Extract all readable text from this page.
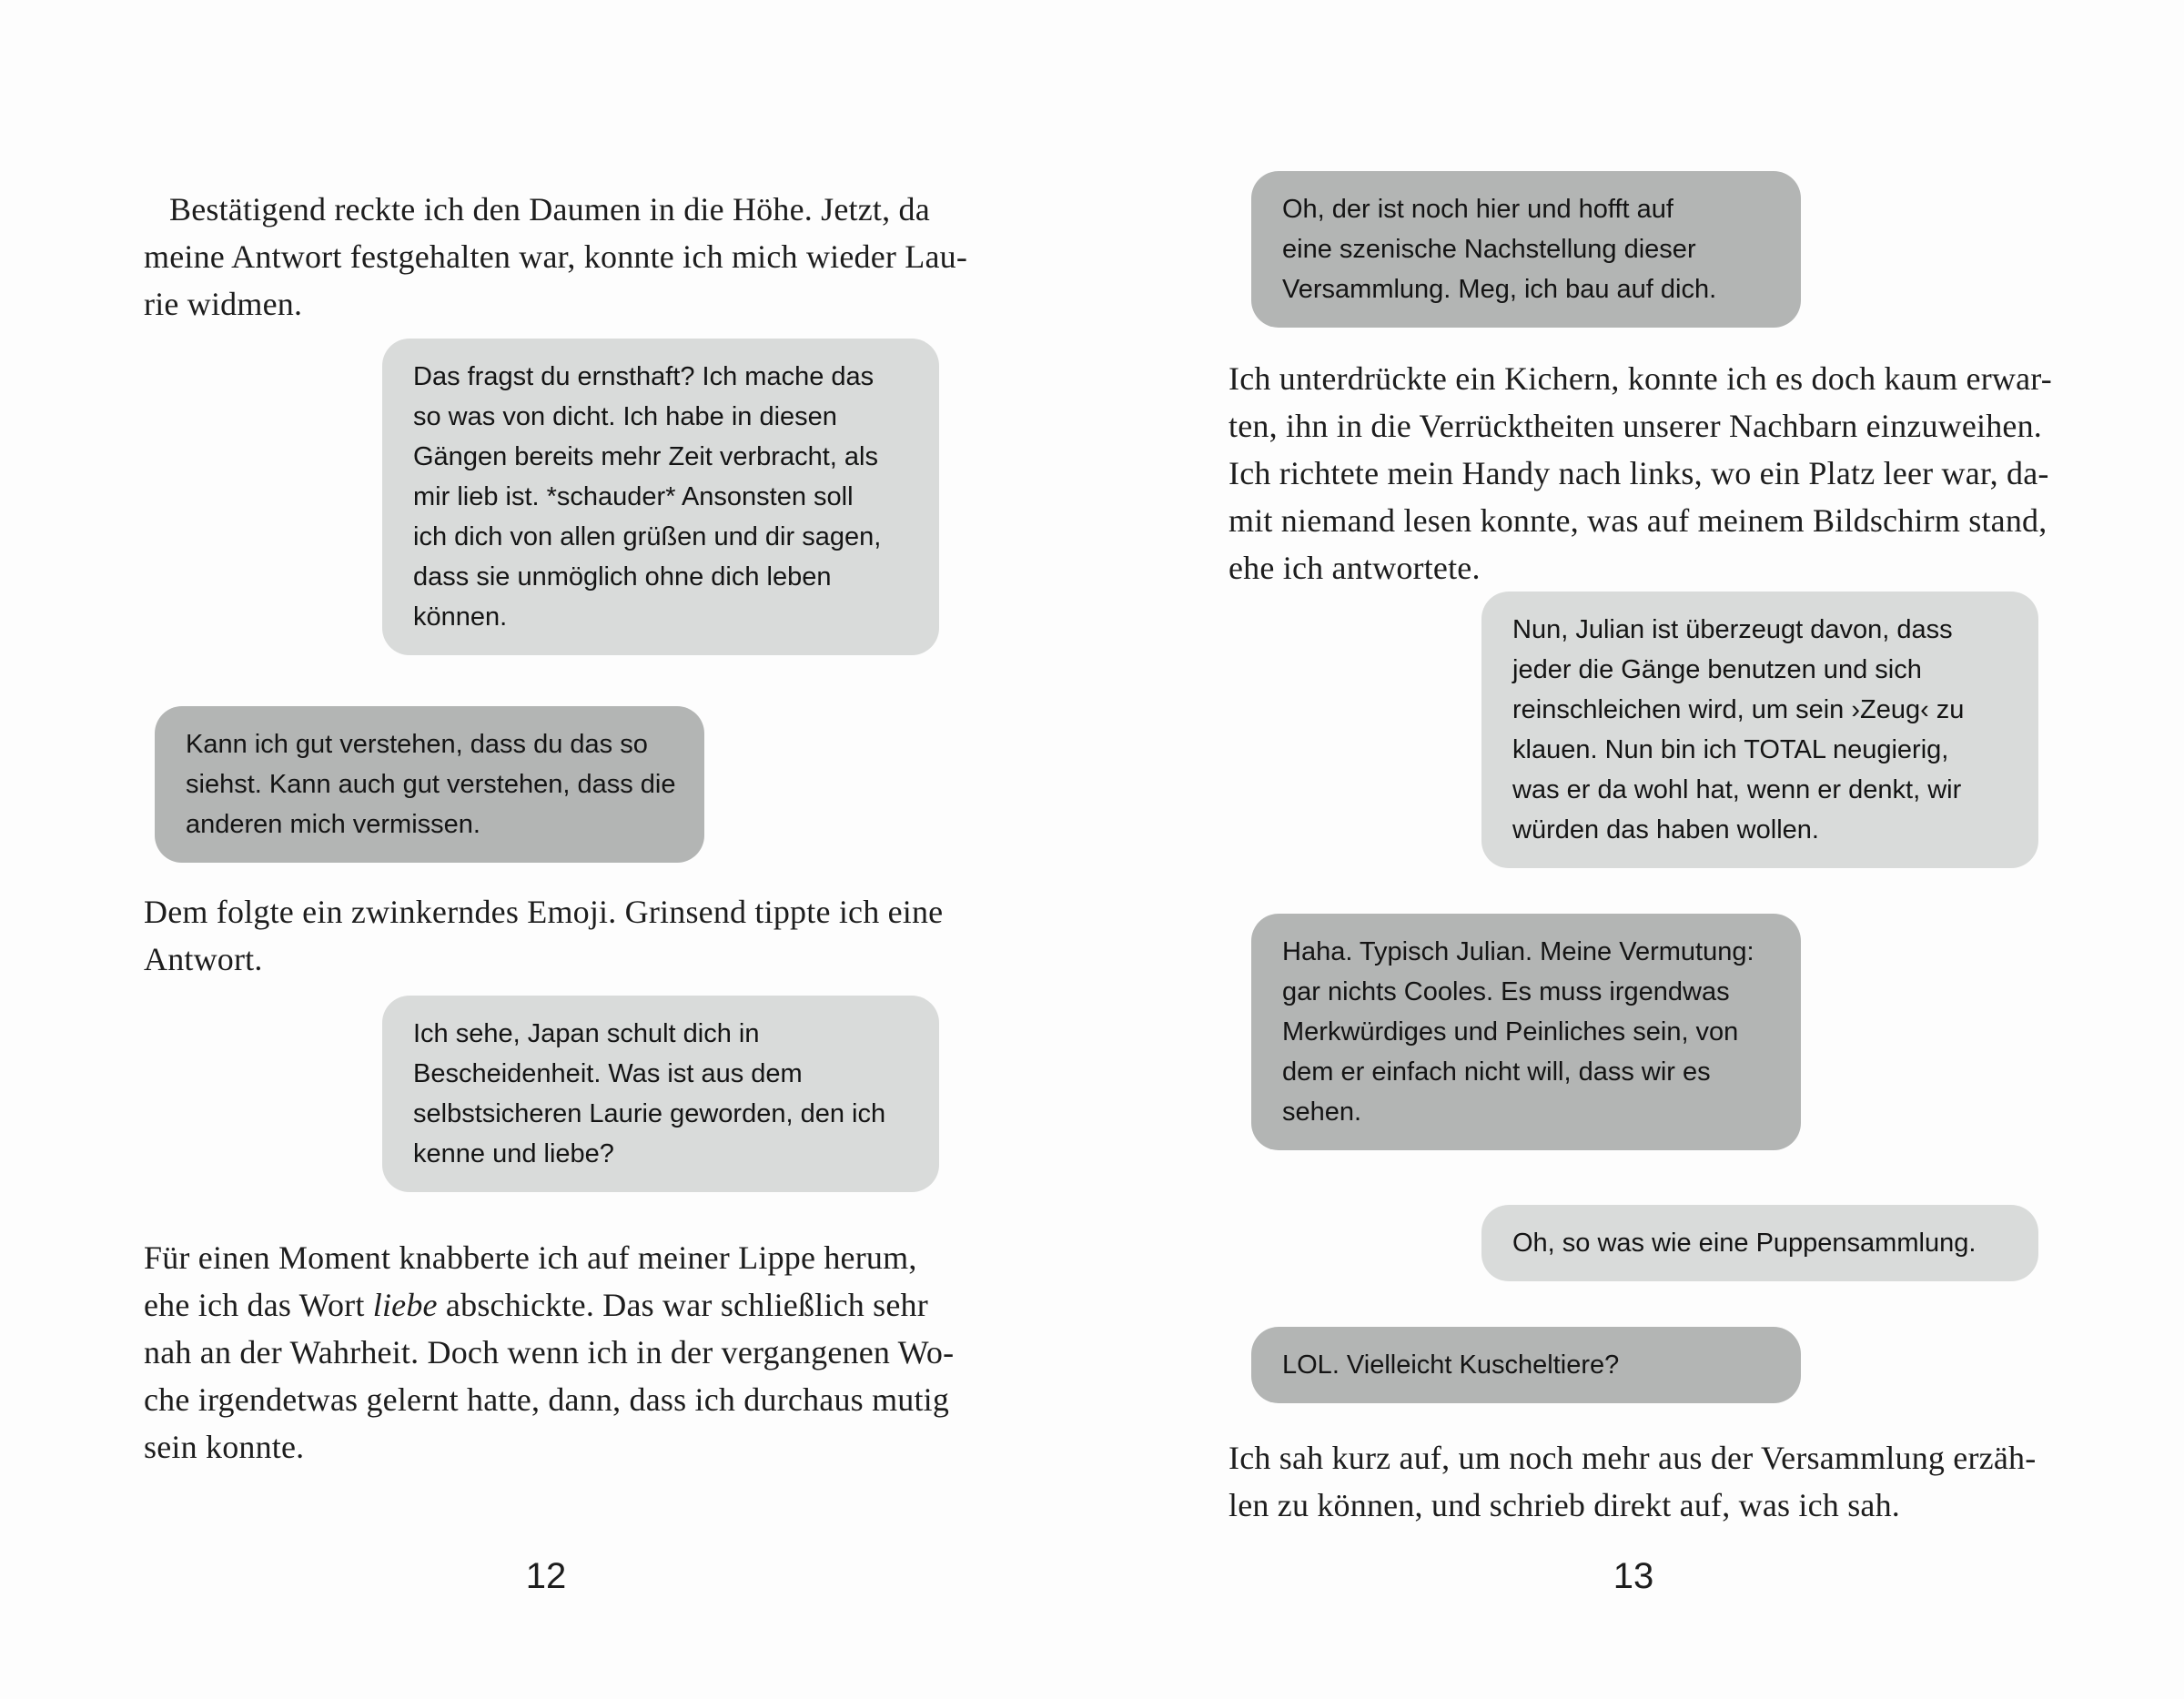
Bestätigend reckte ich den Daumen in die Höhe. Jetzt, da
meine Antwort festgehalten war, konnte ich mich wieder Lau-
rie widmen.
Das fragst du ernsthaft? Ich mache das
so was von dicht. Ich habe in diesen
Gängen bereits mehr Zeit verbracht, als
mir lieb ist. *schauder* Ansonsten soll
ich dich von allen grüßen und dir sagen,
dass sie unmöglich ohne dich leben
können.
Kann ich gut verstehen, dass du das so
siehst. Kann auch gut verstehen, dass die
anderen mich vermissen.
Dem folgte ein zwinkerndes Emoji. Grinsend tippte ich eine
Antwort.
Ich sehe, Japan schult dich in
Bescheidenheit. Was ist aus dem
selbstsicheren Laurie geworden, den ich
kenne und liebe?
Für einen Moment knabberte ich auf meiner Lippe herum,
ehe ich das Wort liebe abschickte. Das war schließlich sehr
nah an der Wahrheit. Doch wenn ich in der vergangenen Wo-
che irgendetwas gelernt hatte, dann, dass ich durchaus mutig
sein konnte.
12
Oh, der ist noch hier und hofft auf
eine szenische Nachstellung dieser
Versammlung. Meg, ich bau auf dich.
Ich unterdrückte ein Kichern, konnte ich es doch kaum erwar-
ten, ihn in die Verrücktheiten unserer Nachbarn einzuweihen.
Ich richtete mein Handy nach links, wo ein Platz leer war, da-
mit niemand lesen konnte, was auf meinem Bildschirm stand,
ehe ich antwortete.
Nun, Julian ist überzeugt davon, dass
jeder die Gänge benutzen und sich
reinschleichen wird, um sein ›Zeug‹ zu
klauen. Nun bin ich TOTAL neugierig,
was er da wohl hat, wenn er denkt, wir
würden das haben wollen.
Haha. Typisch Julian. Meine Vermutung:
gar nichts Cooles. Es muss irgendwas
Merkwürdiges und Peinliches sein, von
dem er einfach nicht will, dass wir es
sehen.
Oh, so was wie eine Puppensammlung.
LOL. Vielleicht Kuscheltiere?
Ich sah kurz auf, um noch mehr aus der Versammlung erzäh-
len zu können, und schrieb direkt auf, was ich sah.
13
